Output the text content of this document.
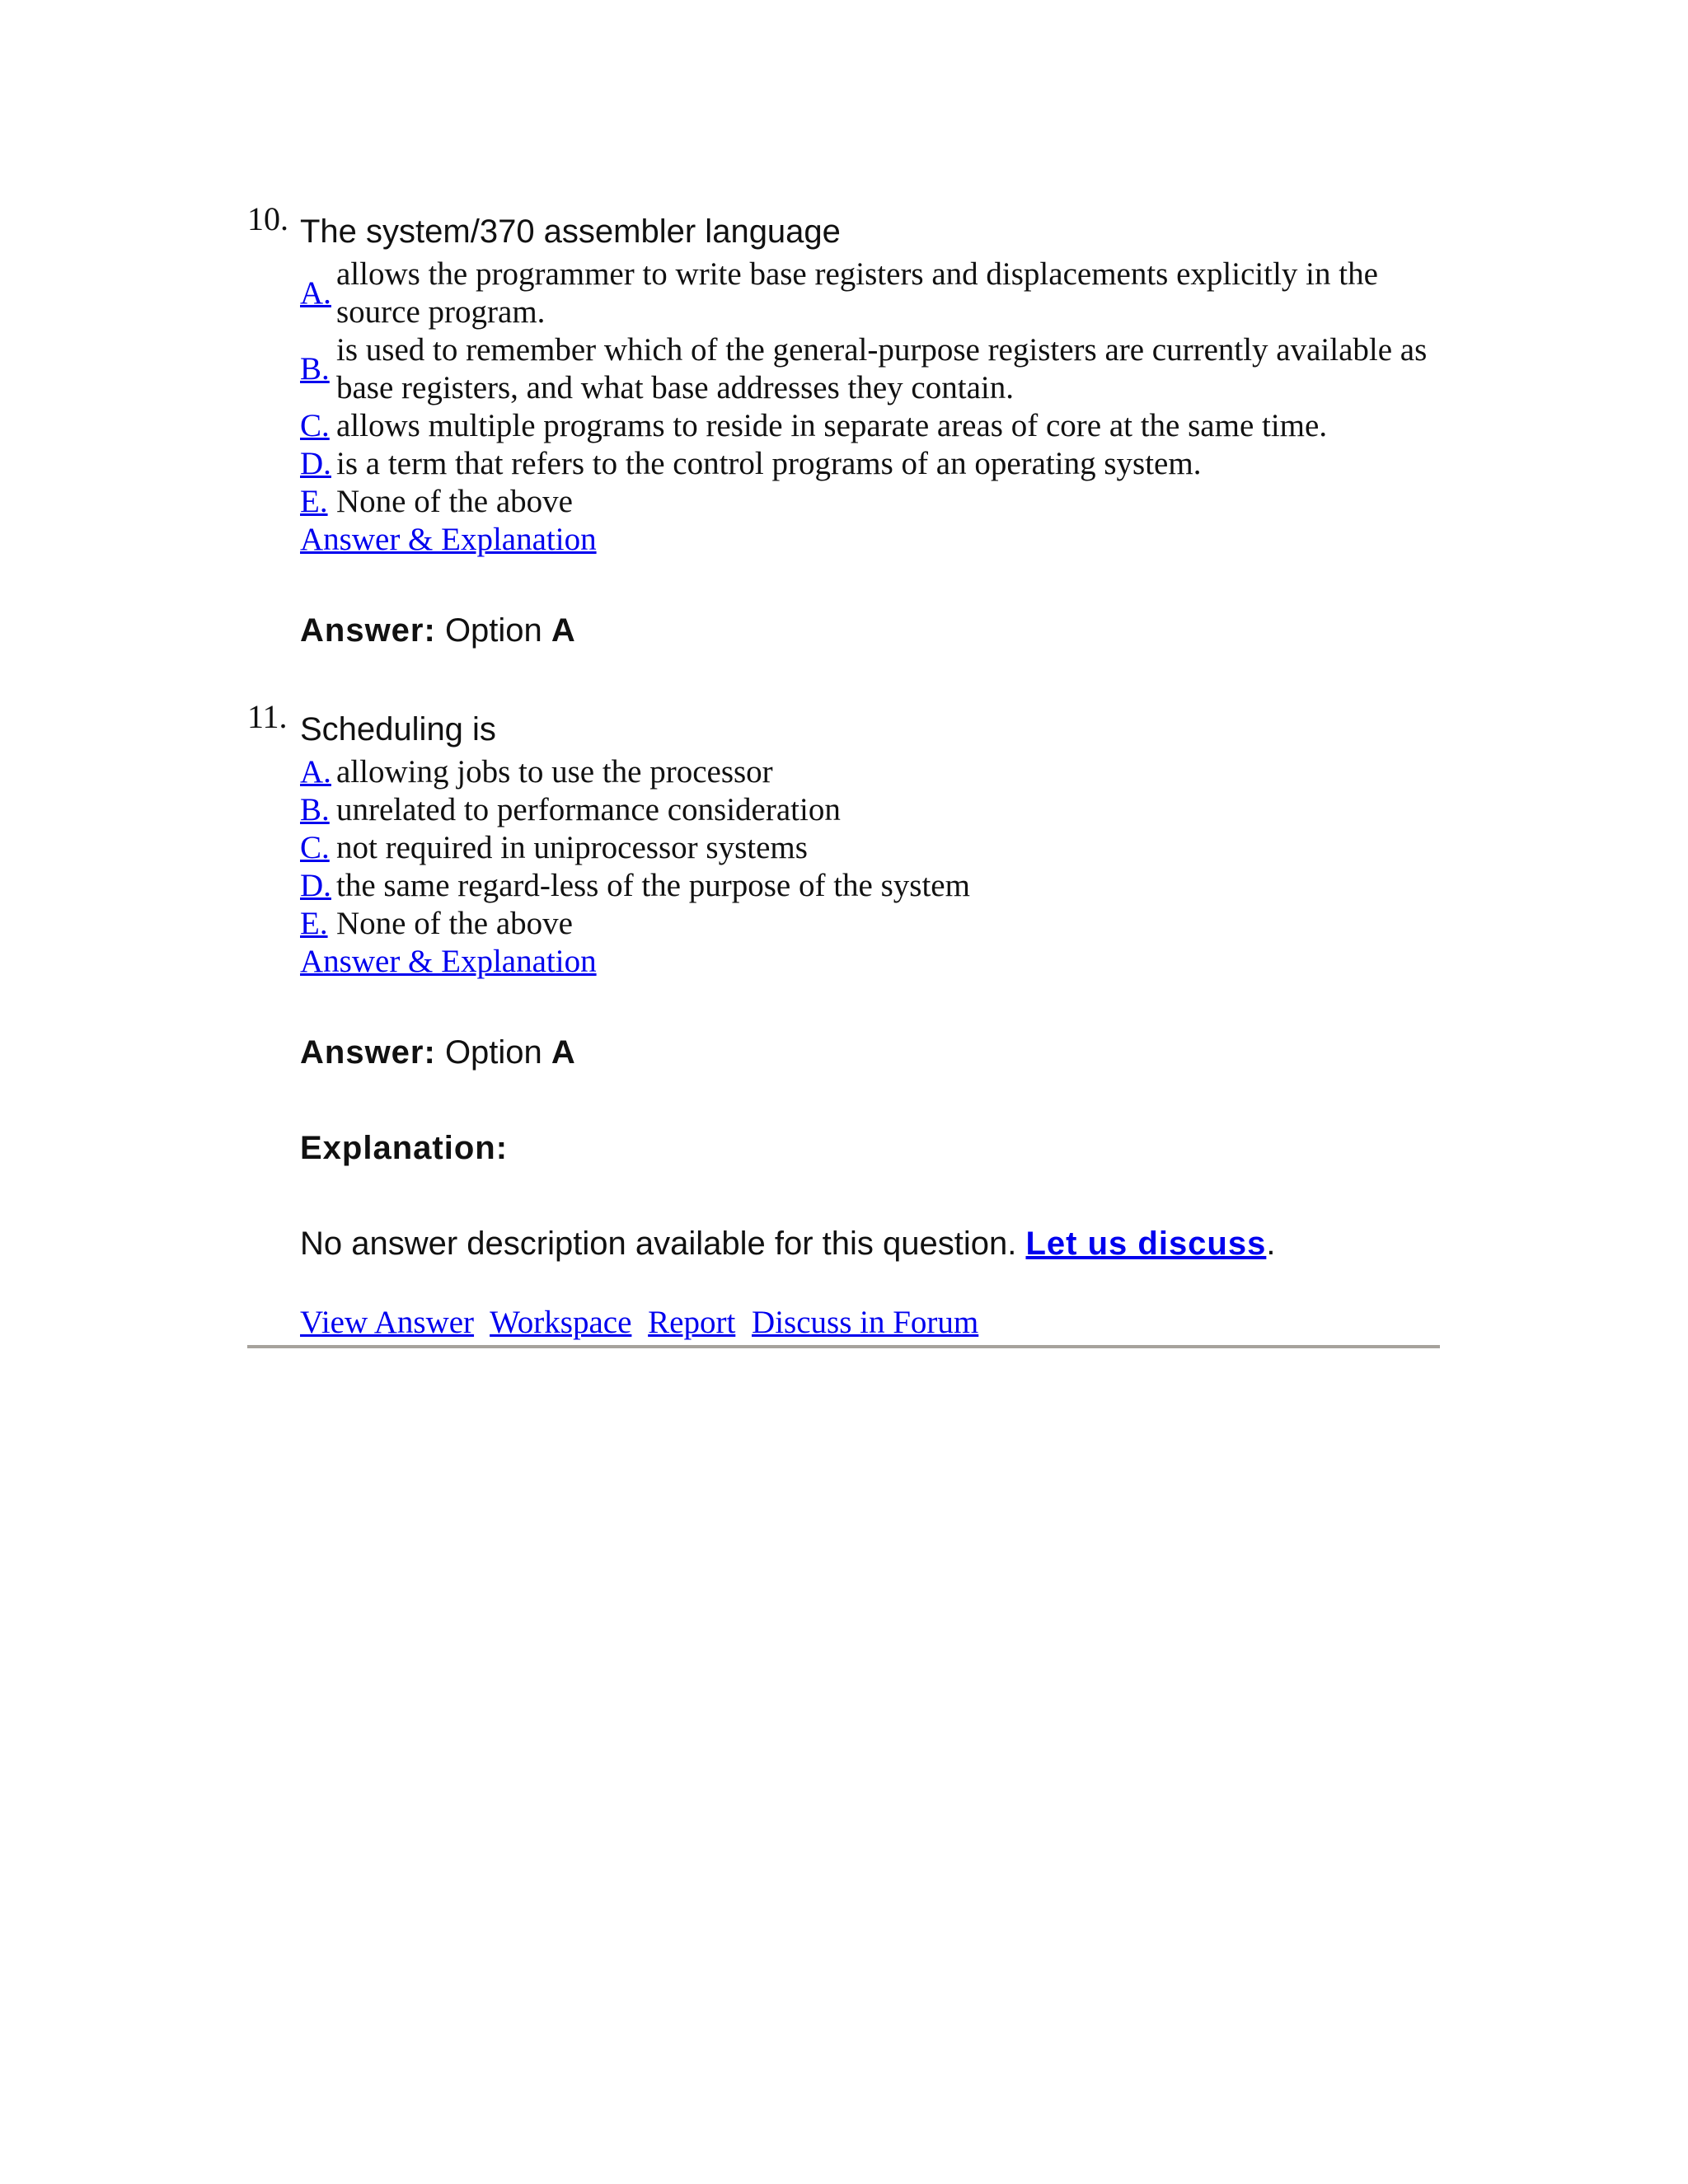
10. The system/370 assembler language
A.
allows the programmer to write base registers and displacements explicitly in the source program.
B.
is used to remember which of the general-purpose registers are currently available as base registers, and what base addresses they contain.
C. allows multiple programs to reside in separate areas of core at the same time.
D. is a term that refers to the control programs of an operating system.
E. None of the above
Answer & Explanation
Answer: Option A
11. Scheduling is
A. allowing jobs to use the processor
B. unrelated to performance consideration
C. not required in uniprocessor systems
D. the same regard-less of the purpose of the system
E. None of the above
Answer & Explanation
Answer: Option A
Explanation:
No answer description available for this question. Let us discuss.
View Answer Workspace Report Discuss in Forum
